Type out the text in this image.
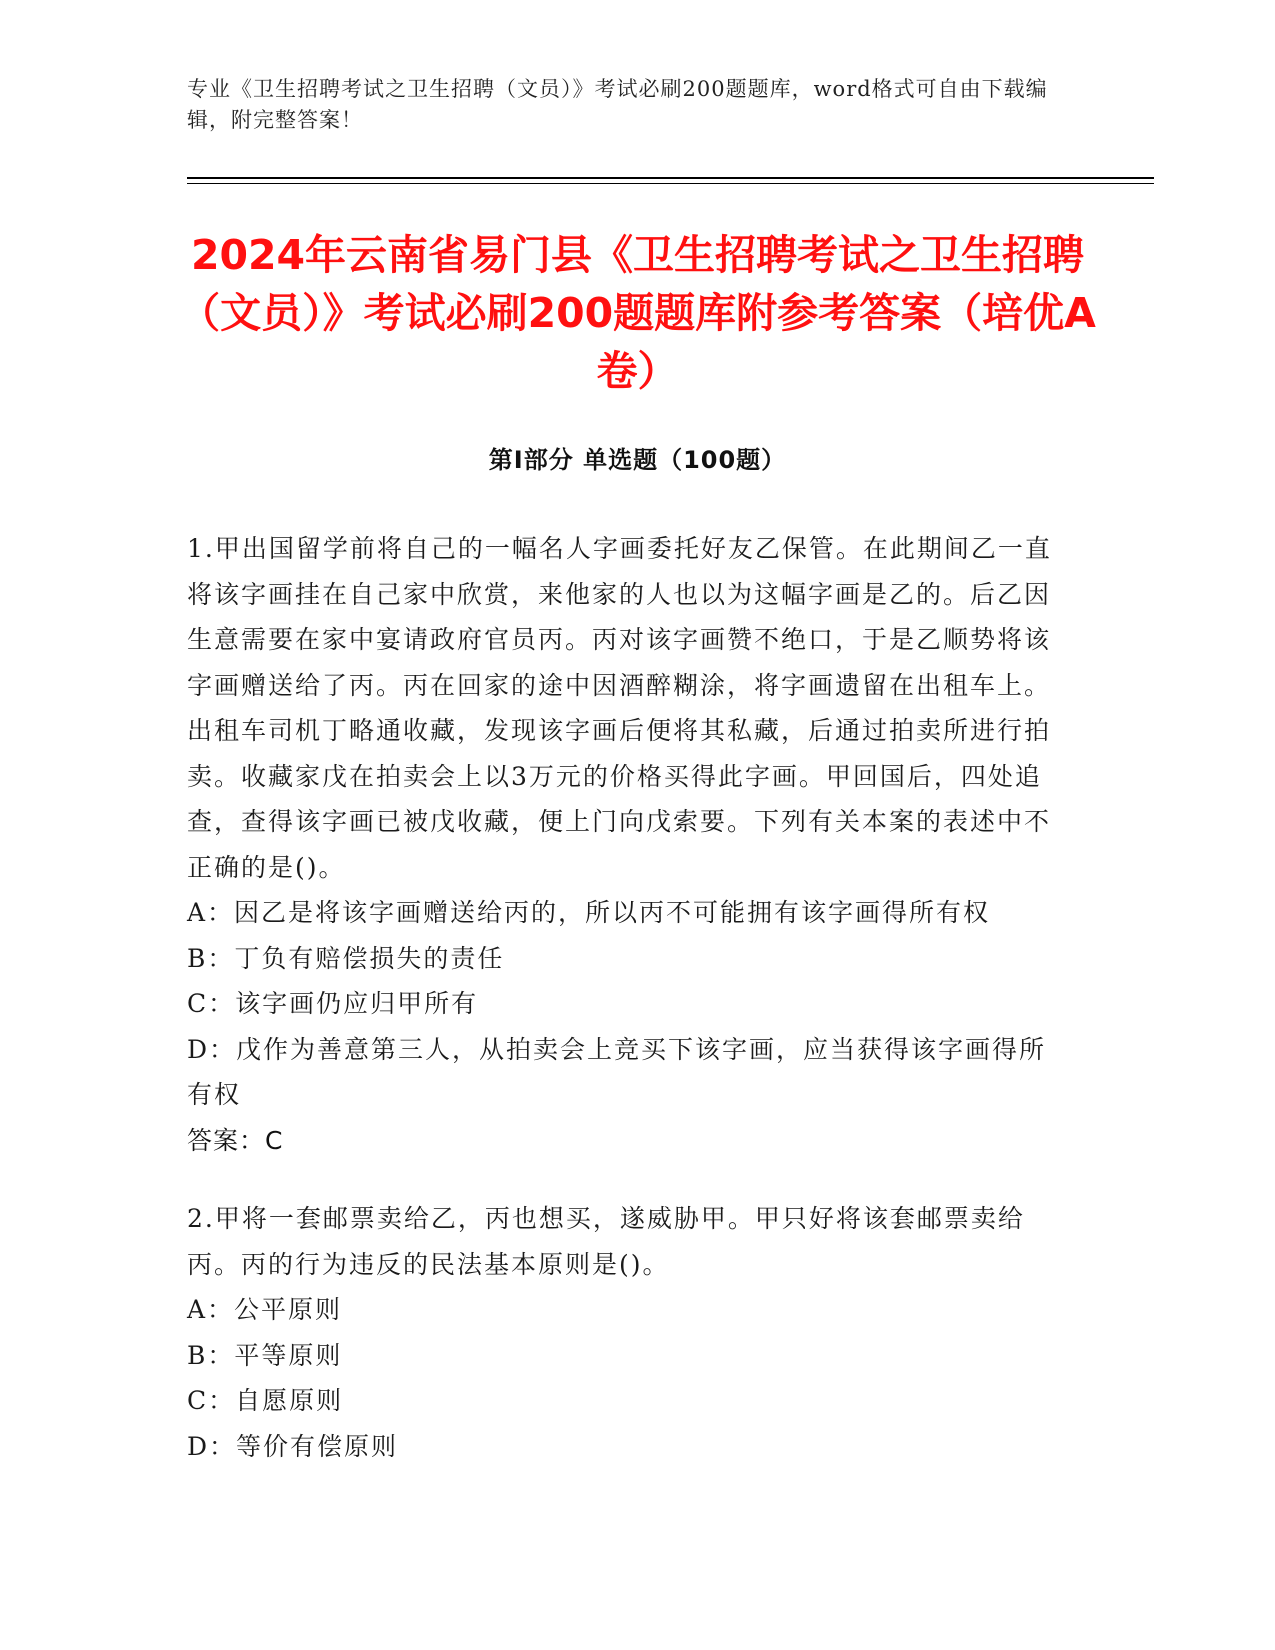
专业《卫生招聘考试之卫生招聘（文员）》考试必刷200题题库，word格式可自由下载编辑，附完整答案！
2024年云南省易门县《卫生招聘考试之卫生招聘（文员）》考试必刷200题题库附参考答案（培优A卷）
第Ⅰ部分 单选题（100题）

1.甲出国留学前将自己的一幅名人字画委托好友乙保管。在此期间乙一直将该字画挂在自己家中欣赏，来他家的人也以为这幅字画是乙的。后乙因生意需要在家中宴请政府官员丙。丙对该字画赞不绝口，于是乙顺势将该字画赠送给了丙。丙在回家的途中因酒醉糊涂，将字画遗留在出租车上。出租车司机丁略通收藏，发现该字画后便将其私藏，后通过拍卖所进行拍卖。收藏家戊在拍卖会上以3万元的价格买得此字画。甲回国后，四处追查，查得该字画已被戊收藏，便上门向戊索要。下列有关本案的表述中不正确的是()。

A：因乙是将该字画赠送给丙的，所以丙不可能拥有该字画得所有权

B：丁负有赔偿损失的责任

C：该字画仍应归甲所有

D：戊作为善意第三人，从拍卖会上竞买下该字画，应当获得该字画得所有权

答案：C

2.甲将一套邮票卖给乙，丙也想买，遂威胁甲。甲只好将该套邮票卖给丙。丙的行为违反的民法基本原则是()。

A：公平原则

B：平等原则

C：自愿原则

D：等价有偿原则
